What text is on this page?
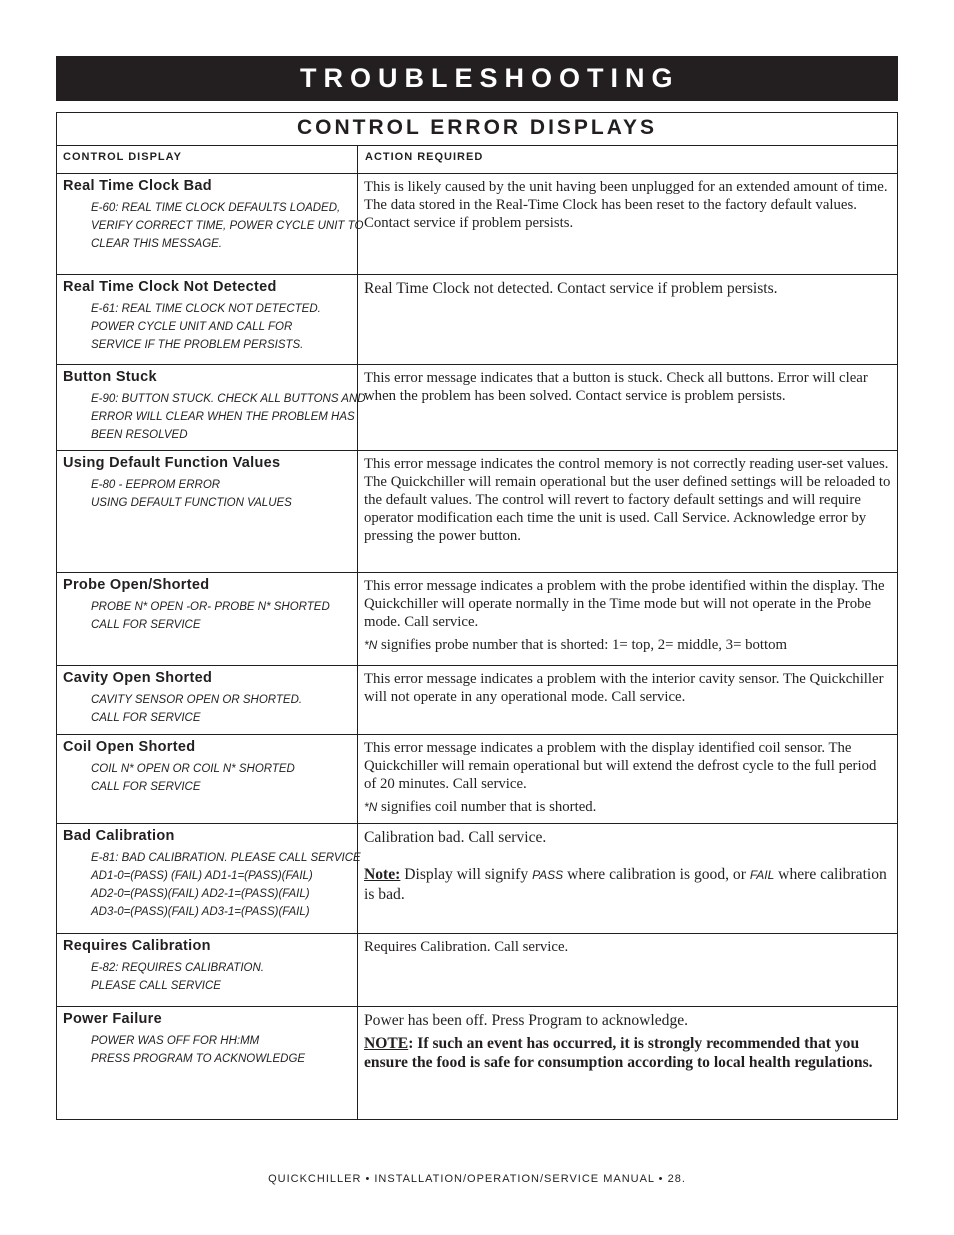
TROUBLESHOOTING
CONTROL ERROR DISPLAYS
CONTROL DISPLAY	ACTION REQUIRED
Real Time Clock Bad
E-60: REAL TIME CLOCK DEFAULTS LOADED,
VERIFY CORRECT TIME, POWER CYCLE UNIT TO
CLEAR THIS MESSAGE.
This is likely caused by the unit having been unplugged for an extended amount of time. The data stored in the Real-Time Clock has been reset to the factory default values. Contact service if problem persists.
Real Time Clock Not Detected
E-61: REAL TIME CLOCK NOT DETECTED.
POWER CYCLE UNIT AND CALL FOR
SERVICE IF THE PROBLEM PERSISTS.
Real Time Clock not detected. Contact service if problem persists.
Button Stuck
E-90: BUTTON STUCK. CHECK ALL BUTTONS AND
ERROR WILL CLEAR WHEN THE PROBLEM HAS
BEEN RESOLVED
This error message indicates that a button is stuck. Check all buttons. Error will clear when the problem has been solved. Contact service is problem persists.
Using Default Function Values
E-80 - EEPROM ERROR
USING DEFAULT FUNCTION VALUES
This error message indicates the control memory is not correctly reading user-set values. The Quickchiller will remain operational but the user defined settings will be reloaded to the default values. The control will revert to factory default settings and will require operator modification each time the unit is used. Call Service. Acknowledge error by pressing the power button.
Probe Open/Shorted
PROBE N* OPEN -OR- PROBE N* SHORTED
CALL FOR SERVICE
This error message indicates a problem with the probe identified within the display. The Quickchiller will operate normally in the Time mode but will not operate in the Probe mode. Call service.
*N signifies probe number that is shorted: 1= top, 2= middle, 3= bottom
Cavity Open Shorted
CAVITY SENSOR OPEN OR SHORTED.
CALL FOR SERVICE
This error message indicates a problem with the interior cavity sensor. The Quickchiller will not operate in any operational mode. Call service.
Coil Open Shorted
COIL N* OPEN OR COIL N* SHORTED
CALL FOR SERVICE
This error message indicates a problem with the display identified coil sensor. The Quickchiller will remain operational but will extend the defrost cycle to the full period of 20 minutes. Call service.
*N signifies coil number that is shorted.
Bad Calibration
E-81: BAD CALIBRATION. PLEASE CALL SERVICE
AD1-0=(PASS) (FAIL) AD1-1=(PASS)(FAIL)
AD2-0=(PASS)(FAIL) AD2-1=(PASS)(FAIL)
AD3-0=(PASS)(FAIL) AD3-1=(PASS)(FAIL)
Calibration bad. Call service.
Note: Display will signify PASS where calibration is good, or FAIL where calibration is bad.
Requires Calibration
E-82: REQUIRES CALIBRATION.
PLEASE CALL SERVICE
Requires Calibration. Call service.
Power Failure
POWER WAS OFF FOR HH:MM
PRESS PROGRAM TO ACKNOWLEDGE
Power has been off. Press Program to acknowledge.
NOTE: If such an event has occurred, it is strongly recommended that you ensure the food is safe for consumption according to local health regulations.
QUICKCHILLER • INSTALLATION/OPERATION/SERVICE MANUAL • 28.
